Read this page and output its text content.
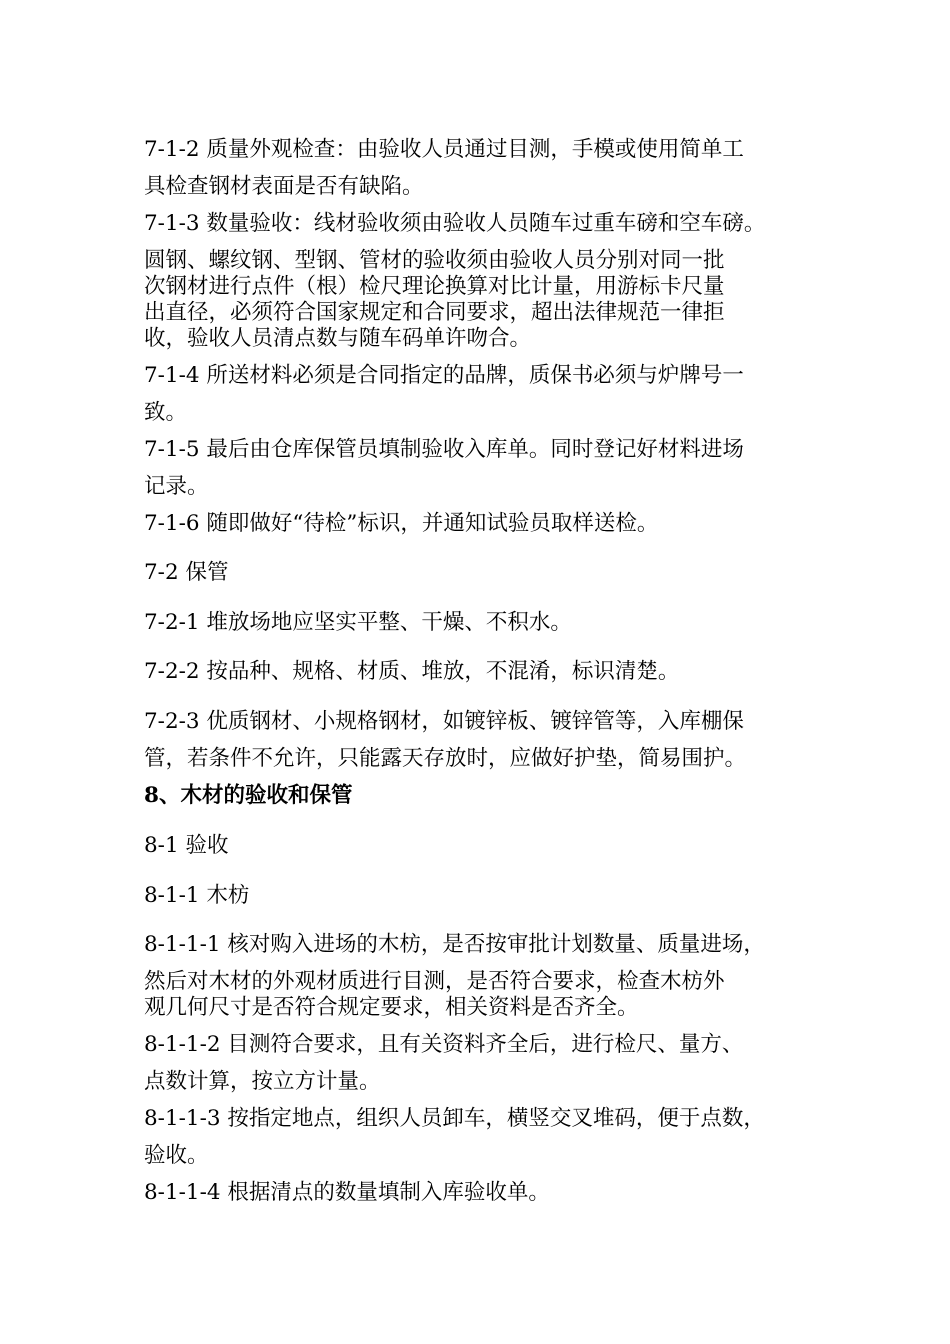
7-1-2 质量外观检查：由验收人员通过目测，手模或使用简单工
具检查钢材表面是否有缺陷。
7-1-3 数量验收：线材验收须由验收人员随车过重车磅和空车磅。
圆钢、螺纹钢、型钢、管材的验收须由验收人员分别对同一批
次钢材进行点件（根）检尺理论换算对比计量，用游标卡尺量
出直径，必须符合国家规定和合同要求，超出法律规范一律拒
收，验收人员清点数与随车码单许吻合。
7-1-4 所送材料必须是合同指定的品牌，质保书必须与炉牌号一
致。
7-1-5 最后由仓库保管员填制验收入库单。同时登记好材料进场
记录。
7-1-6 随即做好“待检”标识，并通知试验员取样送检。
7-2 保管
7-2-1 堆放场地应坚实平整、干燥、不积水。
7-2-2 按品种、规格、材质、堆放，不混淆，标识清楚。
7-2-3 优质钢材、小规格钢材，如镀锌板、镀锌管等，入库棚保
管，若条件不允许，只能露天存放时，应做好护垫，简易围护。
8、木材的验收和保管
8-1 验收
8-1-1 木枋
8-1-1-1 核对购入进场的木枋，是否按审批计划数量、质量进场，
然后对木材的外观材质进行目测，是否符合要求，检查木枋外
观几何尺寸是否符合规定要求，相关资料是否齐全。
8-1-1-2 目测符合要求，且有关资料齐全后，进行检尺、量方、
点数计算，按立方计量。
8-1-1-3 按指定地点，组织人员卸车，横竖交叉堆码，便于点数，
验收。
8-1-1-4 根据清点的数量填制入库验收单。
